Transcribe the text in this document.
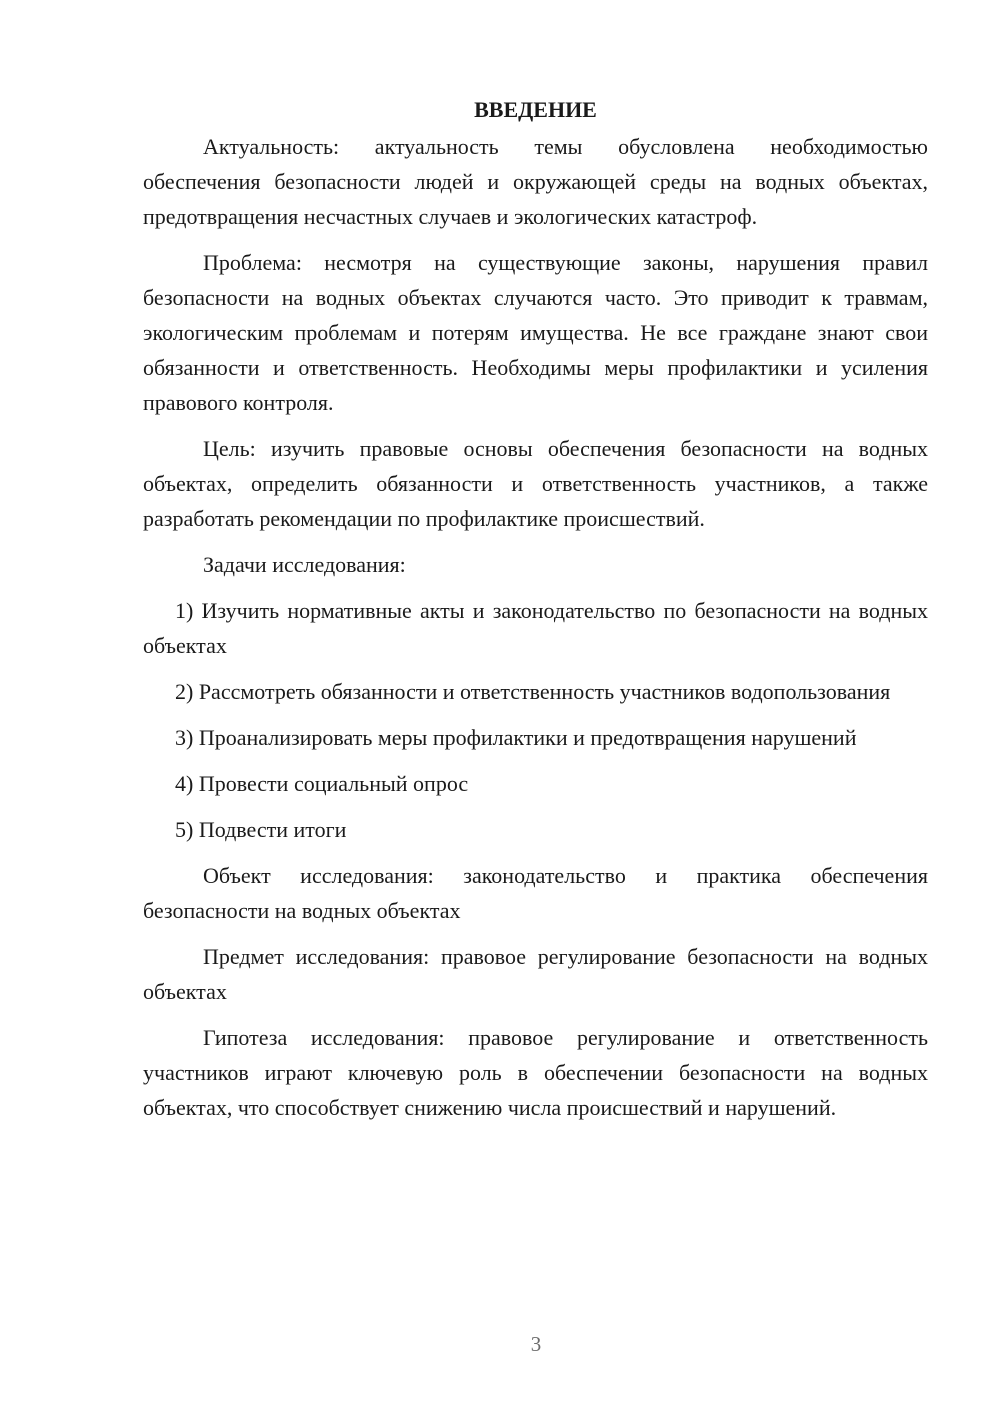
ВВЕДЕНИЕ

Актуальность: актуальность темы обусловлена необходимостью обеспечения безопасности людей и окружающей среды на водных объектах, предотвращения несчастных случаев и экологических катастроф.

Проблема: несмотря на существующие законы, нарушения правил безопасности на водных объектах случаются часто. Это приводит к травмам, экологическим проблемам и потерям имущества. Не все граждане знают свои обязанности и ответственность. Необходимы меры профилактики и усиления правового контроля.

Цель: изучить правовые основы обеспечения безопасности на водных объектах, определить обязанности и ответственность участников, а также разработать рекомендации по профилактике происшествий.

Задачи исследования:

1) Изучить нормативные акты и законодательство по безопасности на водных объектах

2) Рассмотреть обязанности и ответственность участников водопользования

3) Проанализировать меры профилактики и предотвращения нарушений

4) Провести социальный опрос

5) Подвести итоги

Объект исследования: законодательство и практика обеспечения безопасности на водных объектах

Предмет исследования: правовое регулирование безопасности на водных объектах

Гипотеза исследования: правовое регулирование и ответственность участников играют ключевую роль в обеспечении безопасности на водных объектах, что способствует снижению числа происшествий и нарушений.

3
